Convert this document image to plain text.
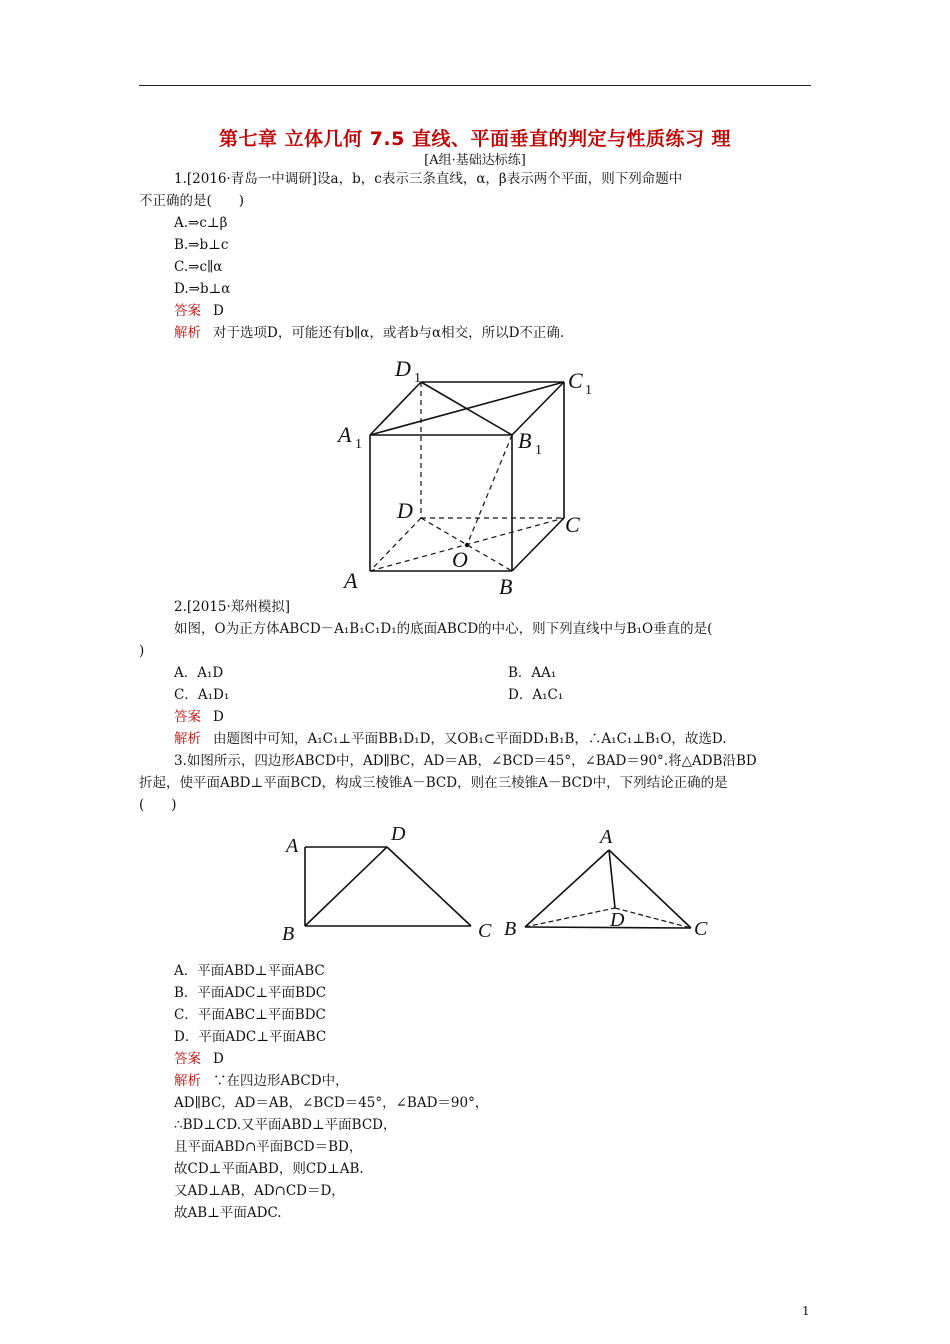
第七章 立体几何 7.5 直线、平面垂直的判定与性质练习 理
[A组·基础达标练]
1.[2016·青岛一中调研]设a，b，c表示三条直线，α，β表示两个平面，则下列命题中
不正确的是(　　)
A.⇒c⊥β
B.⇒b⊥c
C.⇒c∥α
D.⇒b⊥α
答案 D
解析 对于选项D，可能还有b∥α，或者b与α相交，所以D不正确.
D 1	C 1
A 1	B 1
D
C
O
A	B
2.[2015·郑州模拟]
如图，O为正方体ABCD－A₁B₁C₁D₁的底面ABCD的中心，则下列直线中与B₁O垂直的是(
)
A．A₁D	B．AA₁
C．A₁D₁	D．A₁C₁
答案 D
解析 由题图中可知，A₁C₁⊥平面BB₁D₁D，又OB₁⊂平面DD₁B₁B，∴A₁C₁⊥B₁O，故选D.
3.如图所示，四边形ABCD中，AD∥BC，AD＝AB，∠BCD＝45°，∠BAD＝90°.将△ADB沿BD
折起，使平面ABD⊥平面BCD，构成三棱锥A－BCD，则在三棱锥A－BCD中，下列结论正确的是
(　　)
A
D
B	C
A
B	D	C
A．平面ABD⊥平面ABC
B．平面ADC⊥平面BDC
C．平面ABC⊥平面BDC
D．平面ADC⊥平面ABC
答案 D
解析 ∵在四边形ABCD中，
AD∥BC，AD＝AB，∠BCD＝45°，∠BAD＝90°，
∴BD⊥CD.又平面ABD⊥平面BCD，
且平面ABD∩平面BCD＝BD，
故CD⊥平面ABD，则CD⊥AB.
又AD⊥AB，AD∩CD＝D，
故AB⊥平面ADC.
1
